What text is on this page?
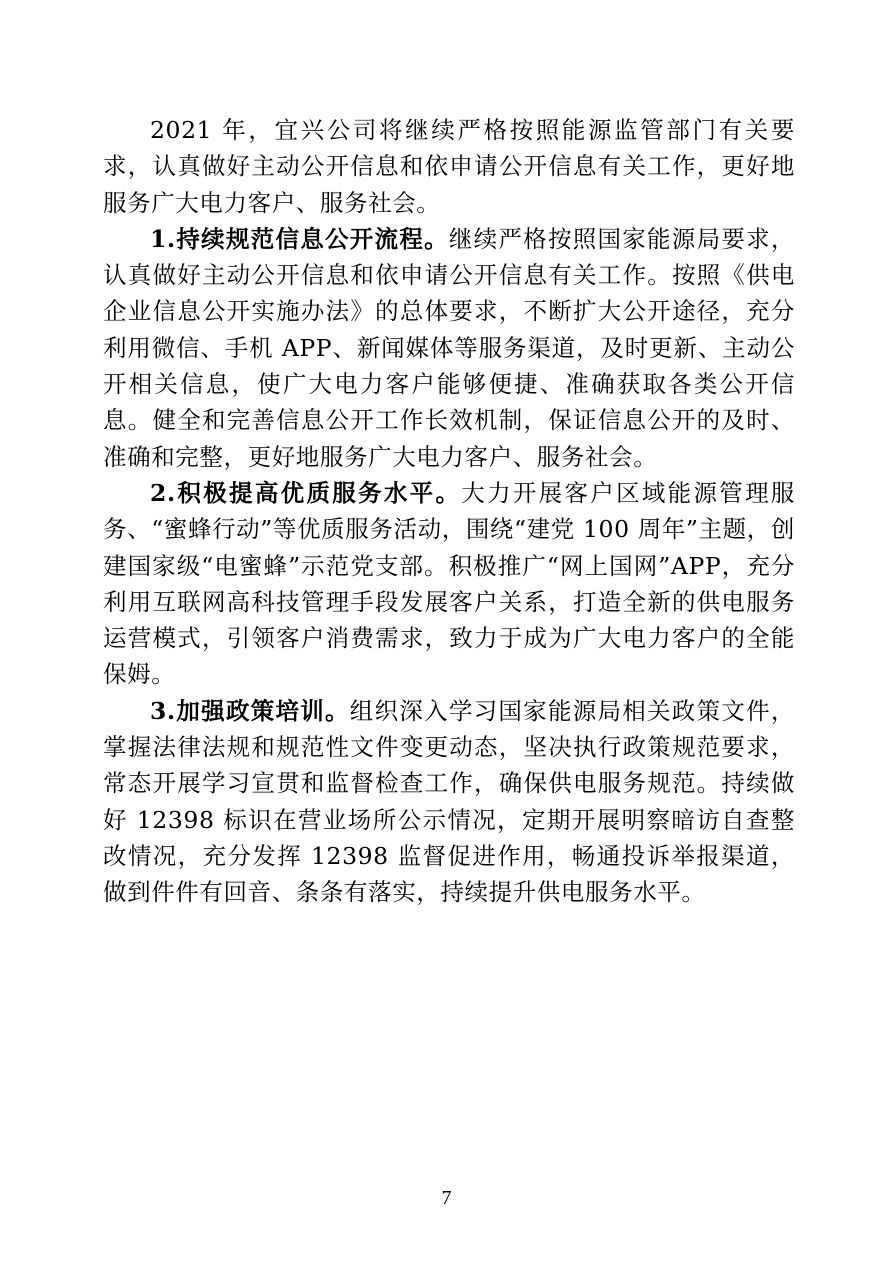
2021 年，宜兴公司将继续严格按照能源监管部门有关要求，认真做好主动公开信息和依申请公开信息有关工作，更好地服务广大电力客户、服务社会。

1.持续规范信息公开流程。继续严格按照国家能源局要求，认真做好主动公开信息和依申请公开信息有关工作。按照《供电企业信息公开实施办法》的总体要求，不断扩大公开途径，充分利用微信、手机 APP、新闻媒体等服务渠道，及时更新、主动公开相关信息，使广大电力客户能够便捷、准确获取各类公开信息。健全和完善信息公开工作长效机制，保证信息公开的及时、准确和完整，更好地服务广大电力客户、服务社会。

2.积极提高优质服务水平。大力开展客户区域能源管理服务、“蜜蜂行动”等优质服务活动，围绕“建党 100 周年”主题，创建国家级“电蜜蜂”示范党支部。积极推广“网上国网”APP，充分利用互联网高科技管理手段发展客户关系，打造全新的供电服务运营模式，引领客户消费需求，致力于成为广大电力客户的全能保姆。

3.加强政策培训。组织深入学习国家能源局相关政策文件，掌握法律法规和规范性文件变更动态，坚决执行政策规范要求，常态开展学习宣贯和监督检查工作，确保供电服务规范。持续做好 12398 标识在营业场所公示情况，定期开展明察暗访自查整改情况，充分发挥 12398 监督促进作用，畅通投诉举报渠道，做到件件有回音、条条有落实，持续提升供电服务水平。

7
